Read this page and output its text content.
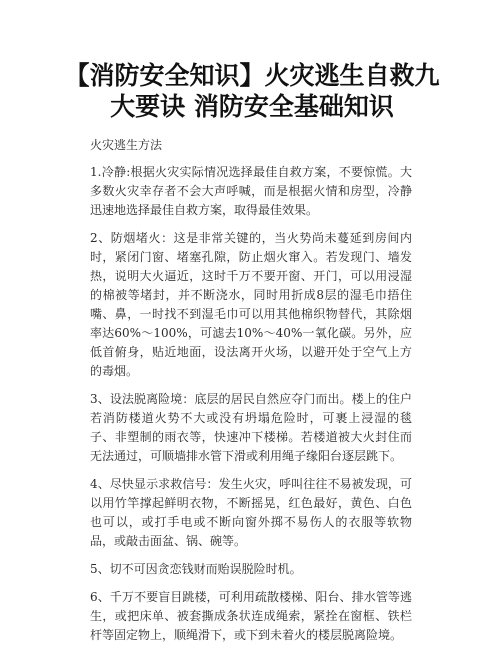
【消防安全知识】火灾逃生自救九大要诀 消防安全基础知识

火灾逃生方法

1.冷静:根据火灾实际情况选择最佳自救方案，不要惊慌。大多数火灾幸存者不会大声呼喊，而是根据火情和房型，冷静迅速地选择最佳自救方案，取得最佳效果。

2、防烟堵火：这是非常关键的，当火势尚未蔓延到房间内时，紧闭门窗、堵塞孔隙，防止烟火窜入。若发现门、墙发热，说明大火逼近，这时千万不要开窗、开门，可以用浸湿的棉被等堵封，并不断浇水，同时用折成8层的湿毛巾捂住嘴、鼻，一时找不到湿毛巾可以用其他棉织物替代，其除烟率达60%～100%，可滤去10%～40%一氧化碳。另外，应低首俯身，贴近地面，设法离开火场，以避开处于空气上方的毒烟。

3、设法脱离险境：底层的居民自然应夺门而出。楼上的住户若消防楼道火势不大或没有坍塌危险时，可裹上浸湿的毯子、非塑制的雨衣等，快速冲下楼梯。若楼道被大火封住而无法通过，可顺墙排水管下滑或利用绳子缘阳台逐层跳下。

4、尽快显示求救信号：发生火灾，呼叫往往不易被发现，可以用竹竿撑起鲜明衣物，不断摇晃，红色最好，黄色、白色也可以，或打手电或不断向窗外掷不易伤人的衣服等软物品，或敲击面盆、锅、碗等。

5、切不可因贪恋钱财而贻误脱险时机。

6、千万不要盲目跳楼，可利用疏散楼梯、阳台、排水管等逃生，或把床单、被套撕成条状连成绳索，紧拴在窗框、铁栏杆等固定物上，顺绳滑下，或下到未着火的楼层脱离险境。
